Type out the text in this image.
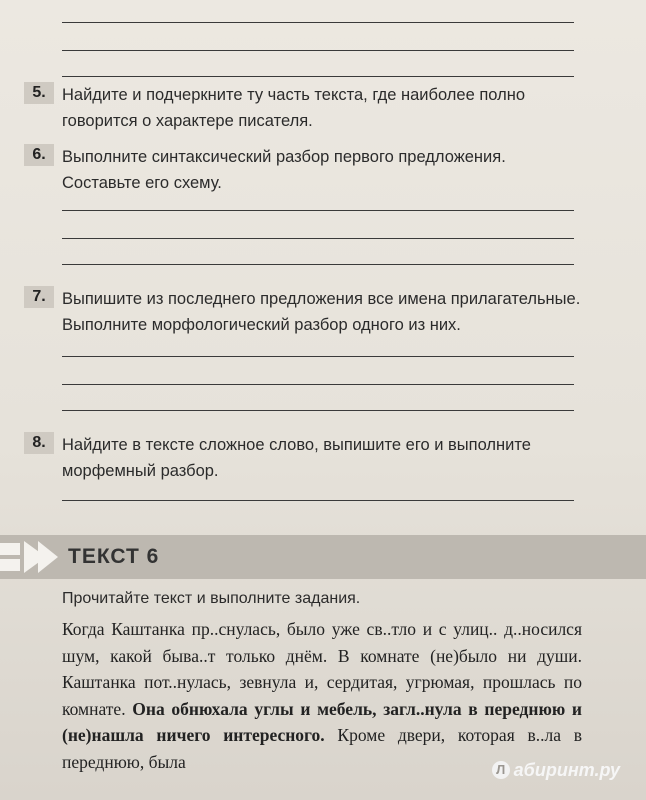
5. Найдите и подчеркните ту часть текста, где наиболее полно говорится о характере писателя.
6. Выполните синтаксический разбор первого предложения. Составьте его схему.
7. Выпишите из последнего предложения все имена прилагательные. Выполните морфологический разбор одного из них.
8. Найдите в тексте сложное слово, выпишите его и выполните морфемный разбор.
ТЕКСТ 6
Прочитайте текст и выполните задания.
Когда Каштанка пр..снулась, было уже св..тло и с улиц.. д..носился шум, какой быва..т только днём. В комнате (не)было ни души. Каштанка пот..нулась, зевнула и, сердитая, угрюмая, прошлась по комнате. Она обнюхала углы и мебель, загл..нула в переднюю и (не)нашла ничего интересного. Кроме двери, которая в..ла в переднюю, была	Л абиринт.ру
